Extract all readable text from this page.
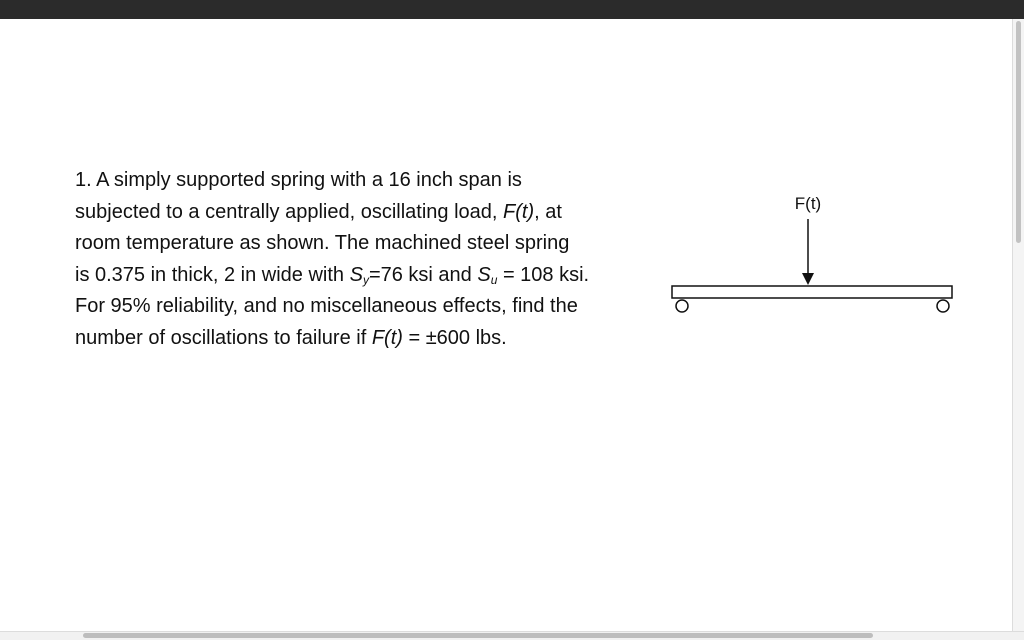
1. A simply supported spring with a 16 inch span is
subjected to a centrally applied, oscillating load, F(t), at
room temperature as shown. The machined steel spring
is 0.375 in thick, 2 in wide with $S_y=76$ ksi and $S_u = 108$ ksi.
For 95% reliability, and no miscellaneous effects, find the
number of oscillations to failure if F(t) = ±600 lbs.
F(t)
